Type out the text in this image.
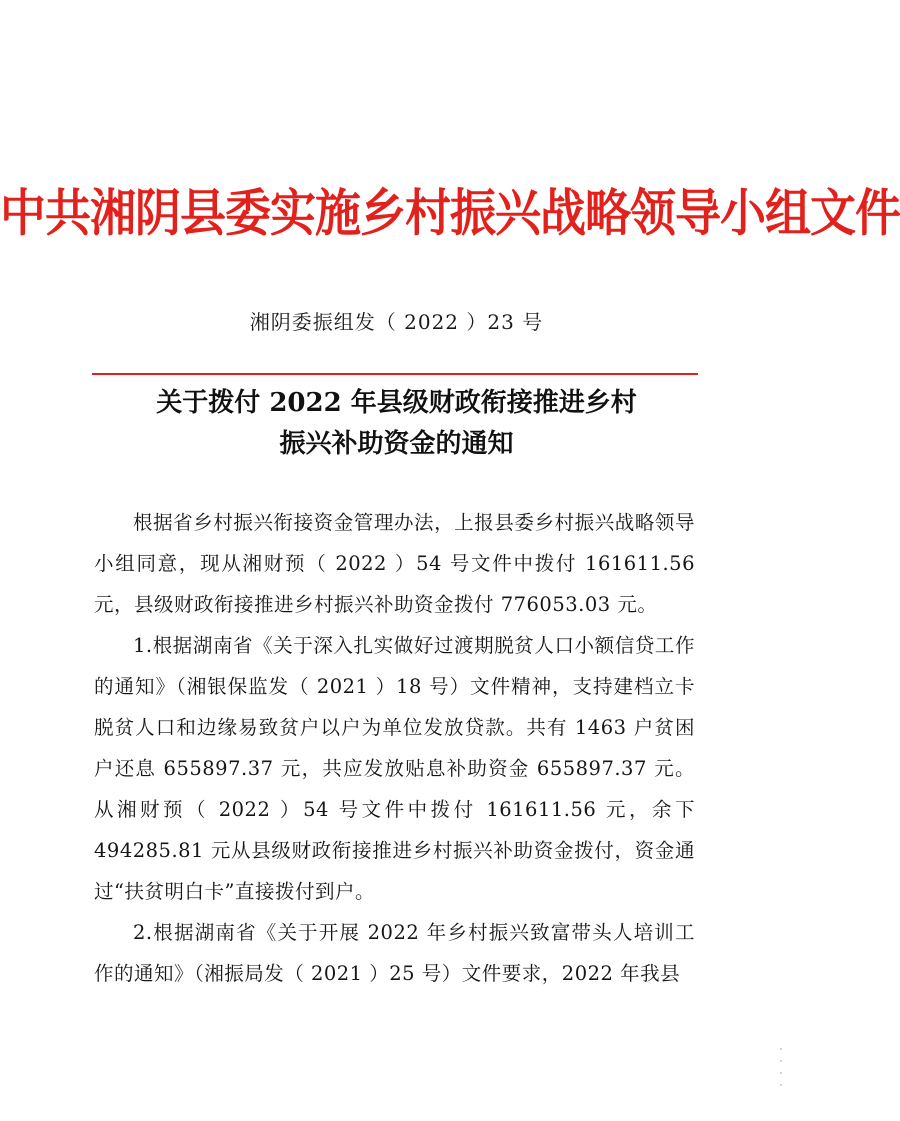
中共湘阴县委实施乡村振兴战略领导小组文件
湘阴委振组发（ 2022 ）23 号
关于拨付 2022 年县级财政衔接推进乡村
振兴补助资金的通知

根据省乡村振兴衔接资金管理办法，上报县委乡村振兴战略领导小组同意，现从湘财预（ 2022 ）54 号文件中拨付 161611.56 元，县级财政衔接推进乡村振兴补助资金拨付 776053.03 元。

1.根据湖南省《关于深入扎实做好过渡期脱贫人口小额信贷工作的通知》（湘银保监发（ 2021 ）18 号）文件精神，支持建档立卡脱贫人口和边缘易致贫户以户为单位发放贷款。共有 1463 户贫困户还息 655897.37 元，共应发放贴息补助资金 655897.37 元。从湘财预（ 2022 ）54 号文件中拨付 161611.56 元，余下 494285.81 元从县级财政衔接推进乡村振兴补助资金拨付，资金通过“扶贫明白卡”直接拨付到户。

2.根据湖南省《关于开展 2022 年乡村振兴致富带头人培训工作的通知》（湘振局发（ 2021 ）25 号）文件要求，2022 年我县
